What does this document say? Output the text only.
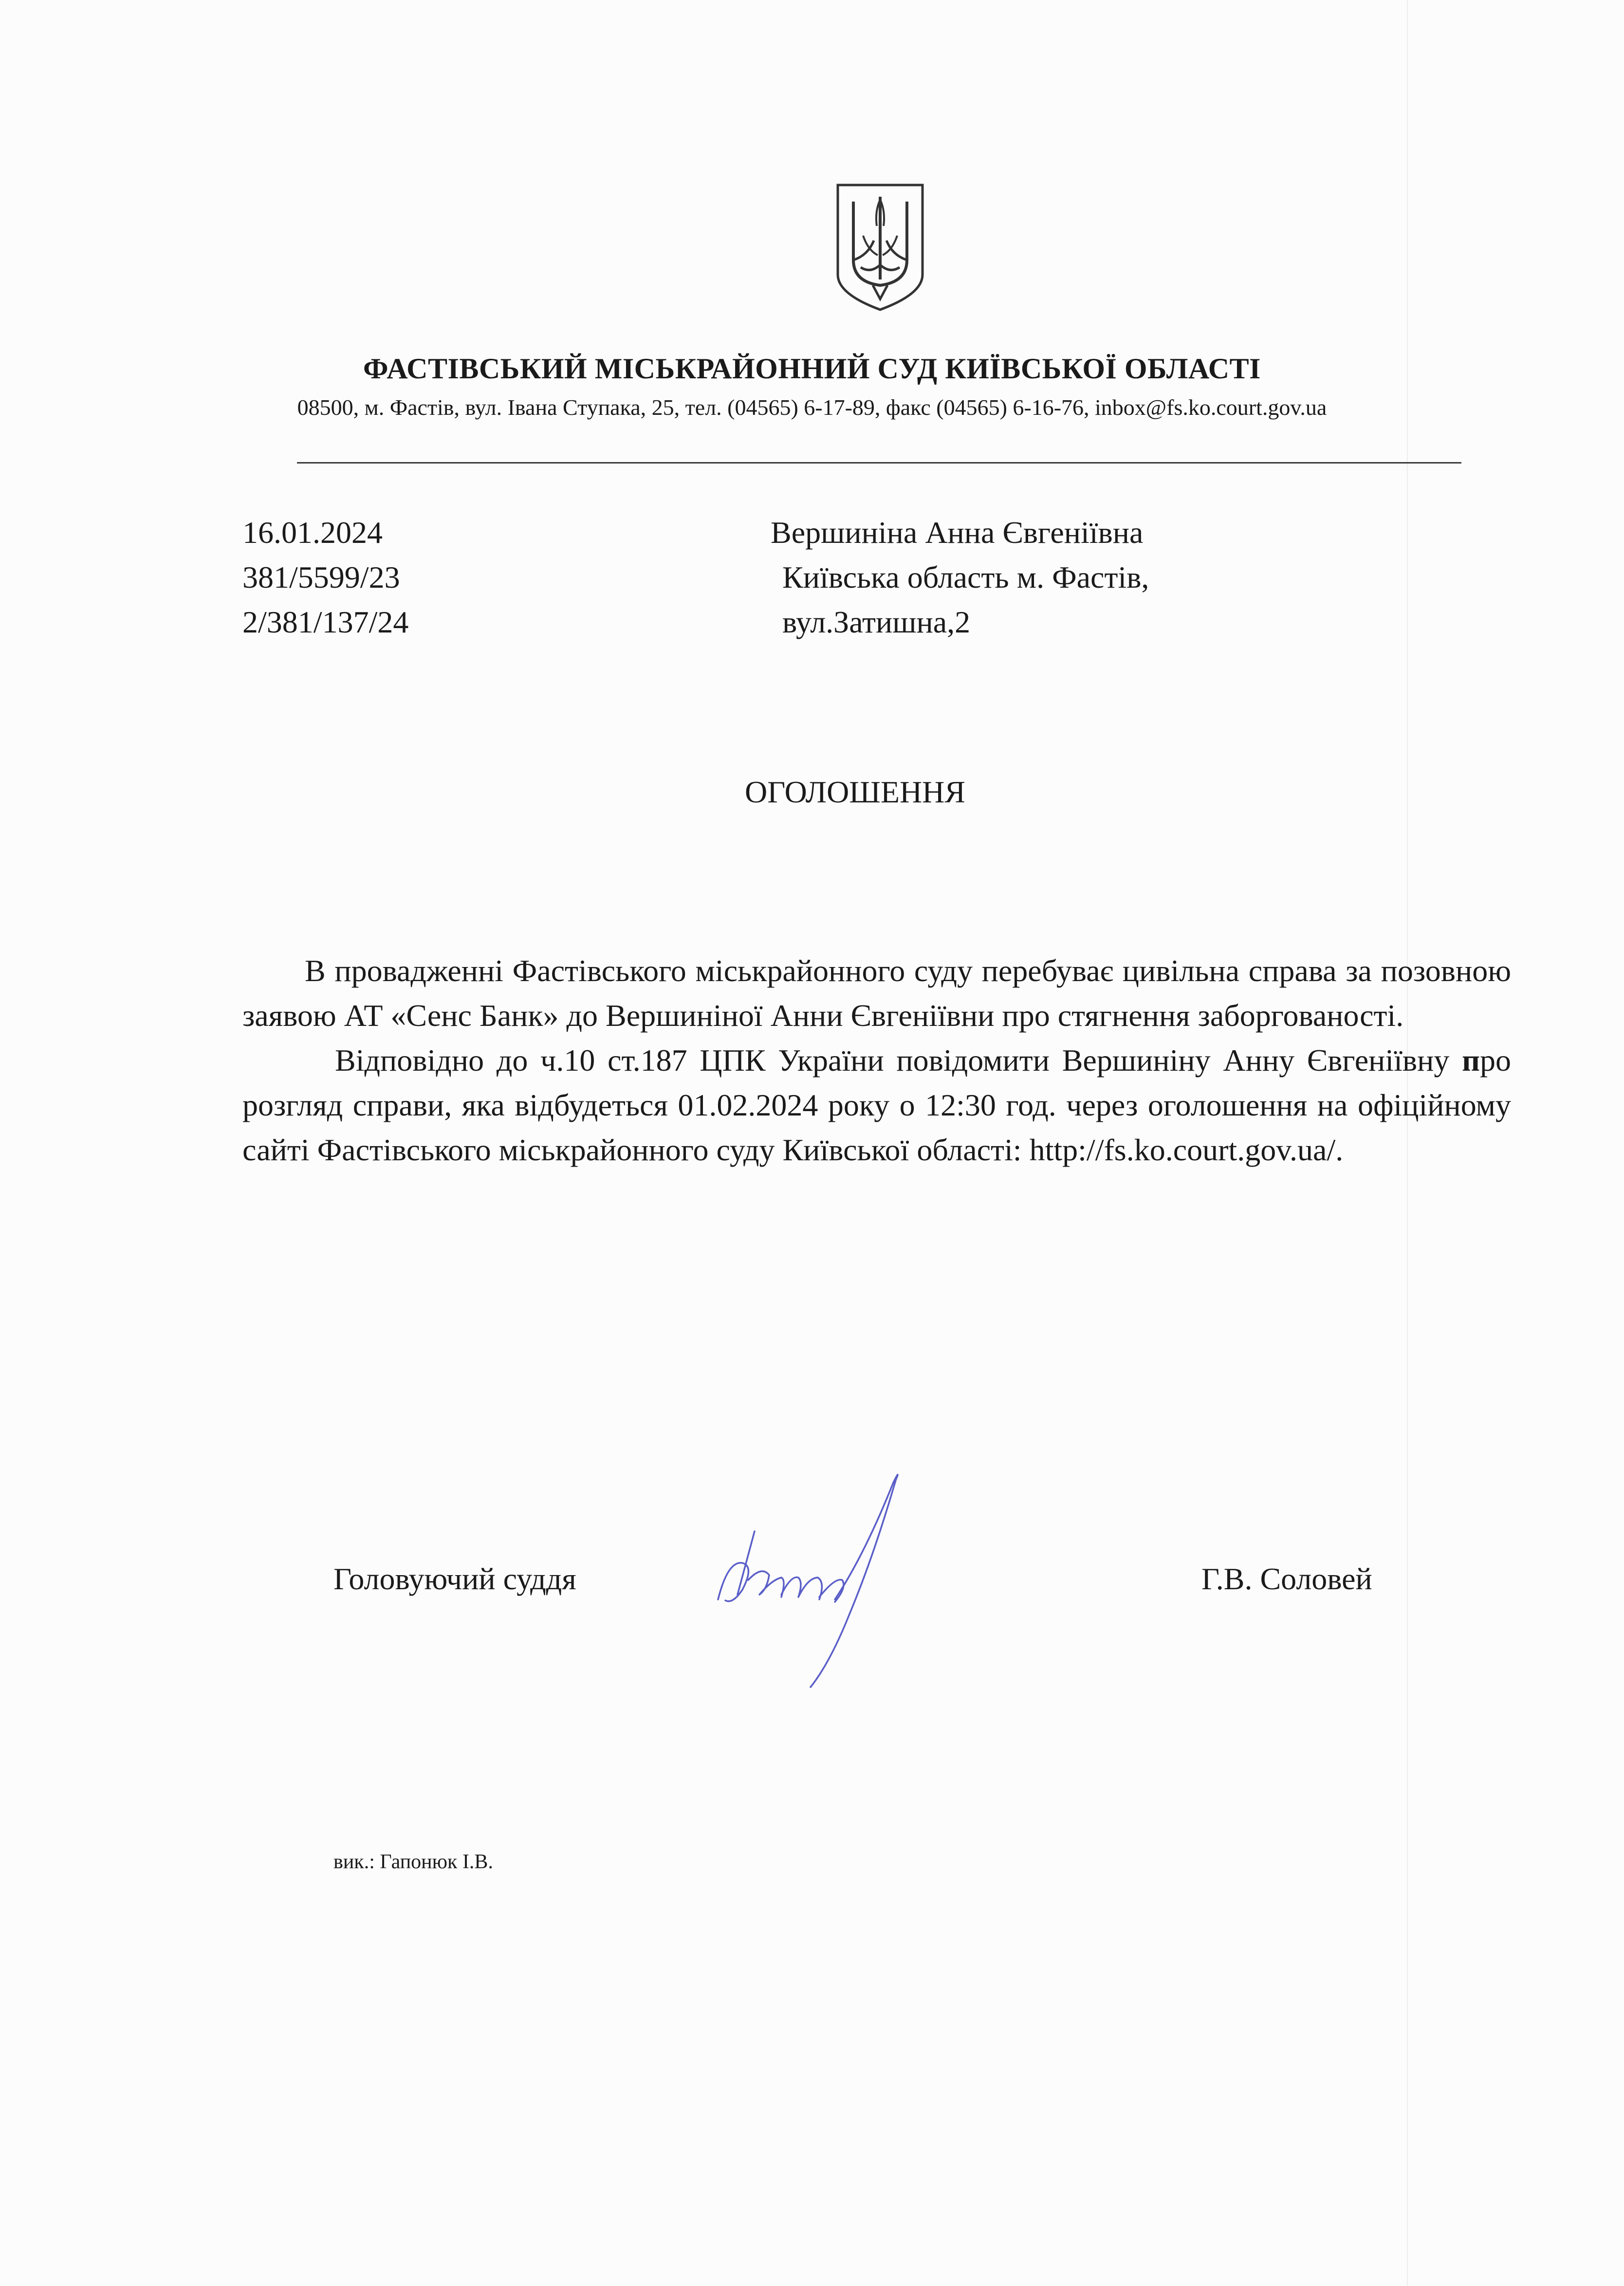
ФАСТІВСЬКИЙ МІСЬКРАЙОННИЙ СУД КИЇВСЬКОЇ ОБЛАСТІ
08500, м. Фастів, вул. Івана Ступака, 25, тел. (04565) 6-17-89, факс (04565) 6-16-76, inbox@fs.ko.court.gov.ua
16.01.2024
381/5599/23
2/381/137/24
Вершиніна Анна Євгеніївна
Київська область м. Фастів,
вул.Затишна,2
ОГОЛОШЕННЯ

В провадженні Фастівського міськрайонного суду перебуває цивільна справа за позовною заявою АТ «Сенс Банк» до Вершиніної Анни Євгеніївни про стягнення заборгованості.

Відповідно до ч.10 ст.187 ЦПК України повідомити Вершиніну Анну Євгеніївну про розгляд справи, яка відбудеться 01.02.2024 року о 12:30 год. через оголошення на офіційному сайті Фастівського міськрайонного суду Київської області: http://fs.ko.court.gov.ua/.

Головуючий суддя	Г.В. Соловей
вик.: Гапонюк І.В.
